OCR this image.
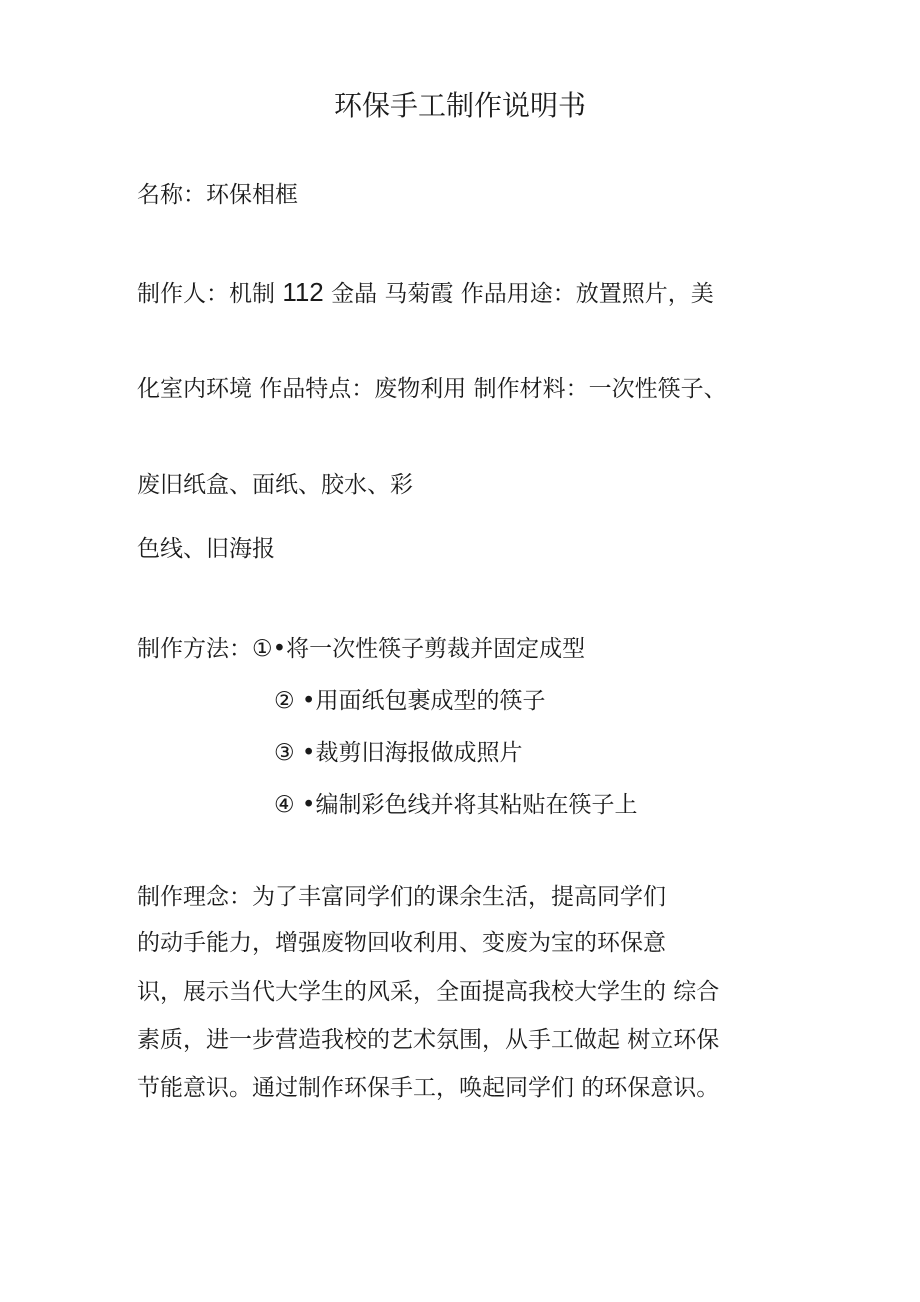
环保手工制作说明书

名称：环保相框

制作人：机制 112 金晶 马菊霞 作品用途：放置照片，美

化室内环境 作品特点：废物利用 制作材料：一次性筷子、

废旧纸盒、面纸、胶水、彩

色线、旧海报

制作方法：①•将一次性筷子剪裁并固定成型

② •用面纸包裹成型的筷子

③ •裁剪旧海报做成照片

④ •编制彩色线并将其粘贴在筷子上

制作理念：为了丰富同学们的课余生活，提高同学们

的动手能力，增强废物回收利用、变废为宝的环保意

识，展示当代大学生的风采，全面提高我校大学生的 综合

素质，进一步营造我校的艺术氛围，从手工做起 树立环保

节能意识。通过制作环保手工，唤起同学们 的环保意识。
